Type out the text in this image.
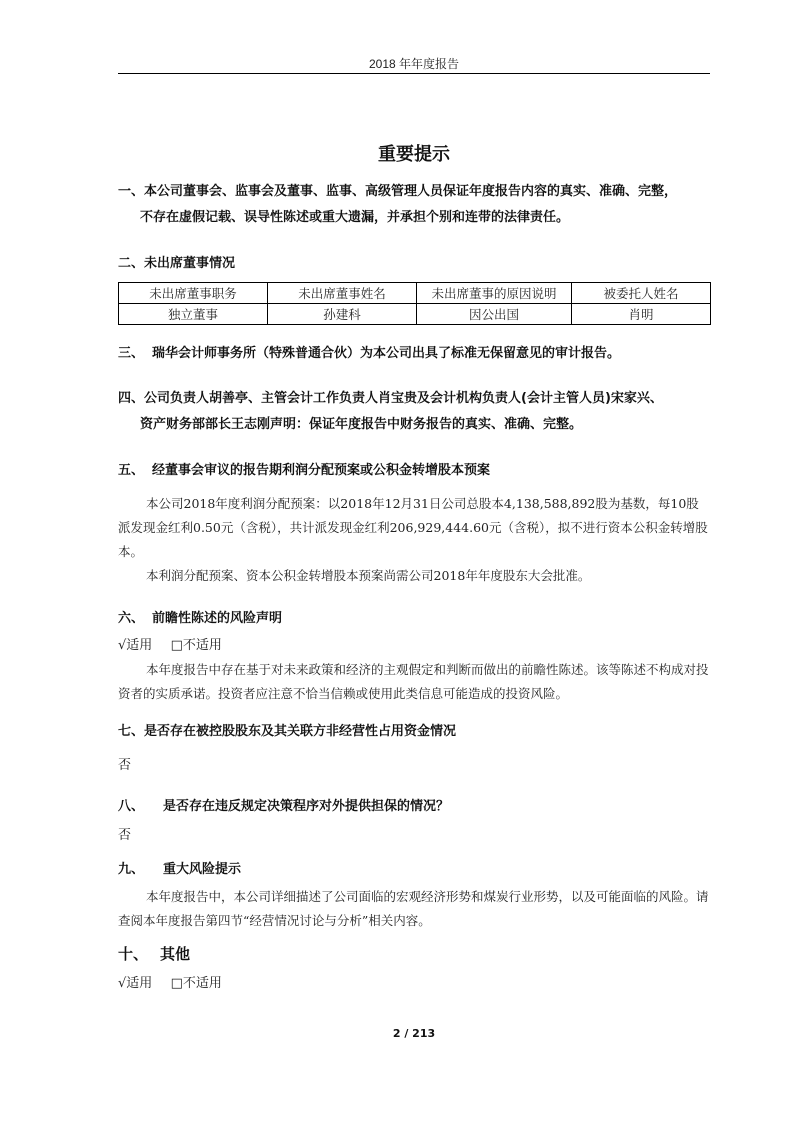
2018 年年度报告
重要提示
一、本公司董事会、监事会及董事、监事、高级管理人员保证年度报告内容的真实、准确、完整，
不存在虚假记载、误导性陈述或重大遗漏，并承担个别和连带的法律责任。
二、未出席董事情况
未出席董事职务	未出席董事姓名	未出席董事的原因说明	被委托人姓名
独立董事	孙建科	因公出国	肖明
三、 瑞华会计师事务所（特殊普通合伙）为本公司出具了标准无保留意见的审计报告。
四、公司负责人胡善亭、主管会计工作负责人肖宝贵及会计机构负责人(会计主管人员)宋家兴、
资产财务部部长王志刚声明：保证年度报告中财务报告的真实、准确、完整。
五、 经董事会审议的报告期利润分配预案或公积金转增股本预案
本公司2018年度利润分配预案：以2018年12月31日公司总股本4,138,588,892股为基数，每10股派发现金红利0.50元（含税），共计派发现金红利206,929,444.60元（含税），拟不进行资本公积金转增股本。
本利润分配预案、资本公积金转增股本预案尚需公司2018年年度股东大会批准。
六、 前瞻性陈述的风险声明
√适用 □不适用
本年度报告中存在基于对未来政策和经济的主观假定和判断而做出的前瞻性陈述。该等陈述不构成对投资者的实质承诺。投资者应注意不恰当信赖或使用此类信息可能造成的投资风险。
七、是否存在被控股股东及其关联方非经营性占用资金情况
否
八、 是否存在违反规定决策程序对外提供担保的情况？
否
九、 重大风险提示
本年度报告中，本公司详细描述了公司面临的宏观经济形势和煤炭行业形势，以及可能面临的风险。请查阅本年度报告第四节“经营情况讨论与分析”相关内容。
十、 其他
√适用 □不适用
2 / 213
